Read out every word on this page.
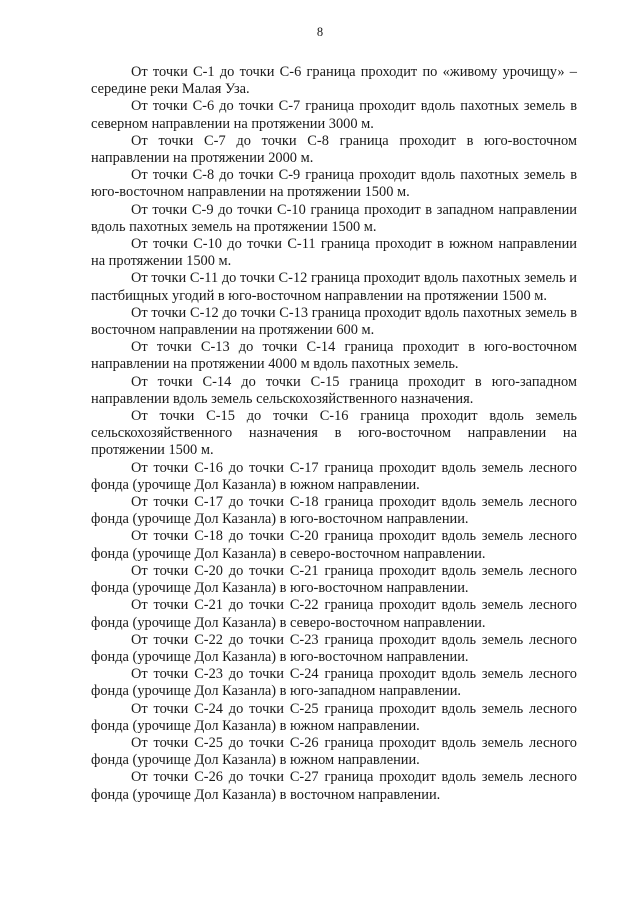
8

От точки С-1 до точки С-6 граница проходит по «живому урочищу» – середине реки Малая Уза.

От точки С-6 до точки С-7 граница проходит вдоль пахотных земель в северном направлении на протяжении 3000 м.

От точки С-7 до точки С-8 граница проходит в юго-восточном направлении на протяжении 2000 м.

От точки С-8 до точки С-9 граница проходит вдоль пахотных земель в юго-восточном направлении на протяжении 1500 м.

От точки С-9 до точки С-10 граница проходит в западном направлении вдоль пахотных земель на протяжении 1500 м.

От точки С-10 до точки С-11 граница проходит в южном направлении на протяжении 1500 м.

От точки С-11 до точки С-12 граница проходит вдоль пахотных земель и пастбищных угодий в юго-восточном направлении на протяжении 1500 м.

От точки С-12 до точки С-13 граница проходит вдоль пахотных земель в восточном направлении на протяжении 600 м.

От точки С-13 до точки С-14 граница проходит в юго-восточном направлении на протяжении 4000 м вдоль пахотных земель.

От точки С-14 до точки С-15 граница проходит в юго-западном направлении вдоль земель сельскохозяйственного назначения.

От точки С-15 до точки С-16 граница проходит вдоль земель сельскохозяйственного назначения в юго-восточном направлении на протяжении 1500 м.

От точки С-16 до точки С-17 граница проходит вдоль земель лесного фонда (урочище Дол Казанла) в южном направлении.

От точки С-17 до точки С-18 граница проходит вдоль земель лесного фонда (урочище Дол Казанла) в юго-восточном направлении.

От точки С-18 до точки С-20 граница проходит вдоль земель лесного фонда (урочище Дол Казанла) в северо-восточном направлении.

От точки С-20 до точки С-21 граница проходит вдоль земель лесного фонда (урочище Дол Казанла) в юго-восточном направлении.

От точки С-21 до точки С-22 граница проходит вдоль земель лесного фонда (урочище Дол Казанла) в северо-восточном направлении.

От точки С-22 до точки С-23 граница проходит вдоль земель лесного фонда (урочище Дол Казанла) в юго-восточном направлении.

От точки С-23 до точки С-24 граница проходит вдоль земель лесного фонда (урочище Дол Казанла) в юго-западном направлении.

От точки С-24 до точки С-25 граница проходит вдоль земель лесного фонда (урочище Дол Казанла) в южном направлении.

От точки С-25 до точки С-26 граница проходит вдоль земель лесного фонда (урочище Дол Казанла) в южном направлении.

От точки С-26 до точки С-27 граница проходит вдоль земель лесного фонда (урочище Дол Казанла) в восточном направлении.
